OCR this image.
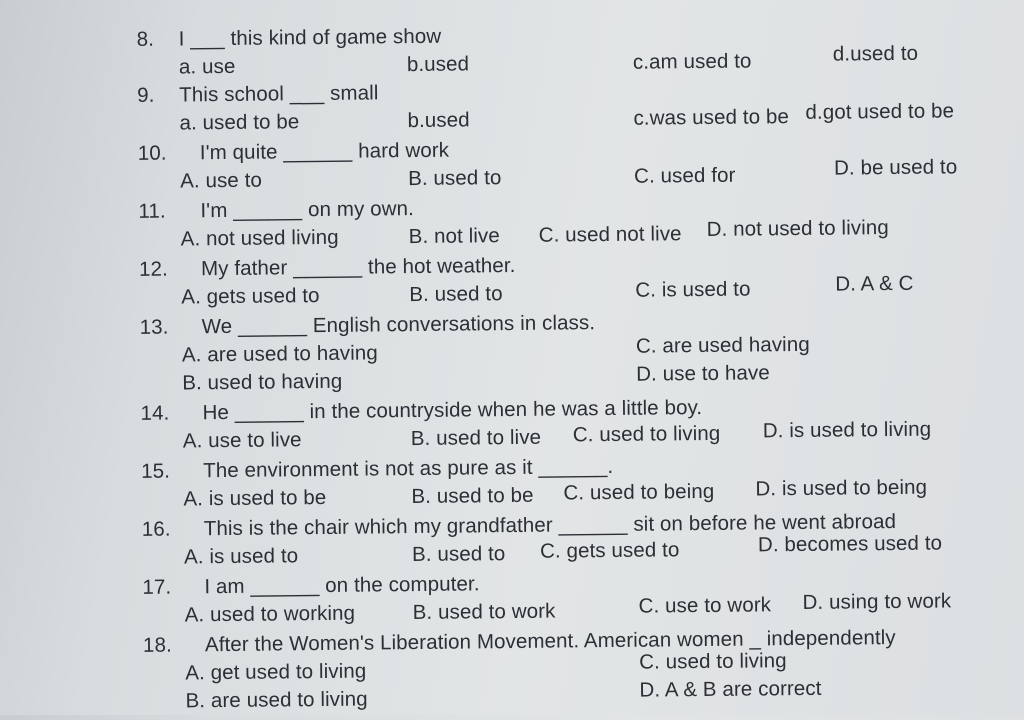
8. I ___ this kind of game show
a. use	b.used	c.am used to	d.used to
9. This school ___ small
a. used to be	b.used	c.was used to be d.got used to be
10. I'm quite ______ hard work
A. use to	B. used to	C. used for	D. be used to
11. I'm ______ on my own.
A. not used living	B. not live C. used not live D. not used to living
12. My father ______ the hot weather.
A. gets used to	B. used to	C. is used to	D. A & C
13. We ______ English conversations in class.
A. are used to having	C. are used having
B. used to having	D. use to have
14. He ______ in the countryside when he was a little boy.
A. use to live	B. used to live C. used to living D. is used to living
15. The environment is not as pure as it ______.
A. is used to be	B. used to be C. used to being D. is used to being
16. This is the chair which my grandfather ______ sit on before he went abroad
A. is used to	B. used to C. gets used to	D. becomes used to
17. I am ______ on the computer.
A. used to working	B. used to work	C. use to work D. using to work
18. After the Women's Liberation Movement. American women _ independently
A. get used to living	C. used to living
B. are used to living	D. A & B are correct
